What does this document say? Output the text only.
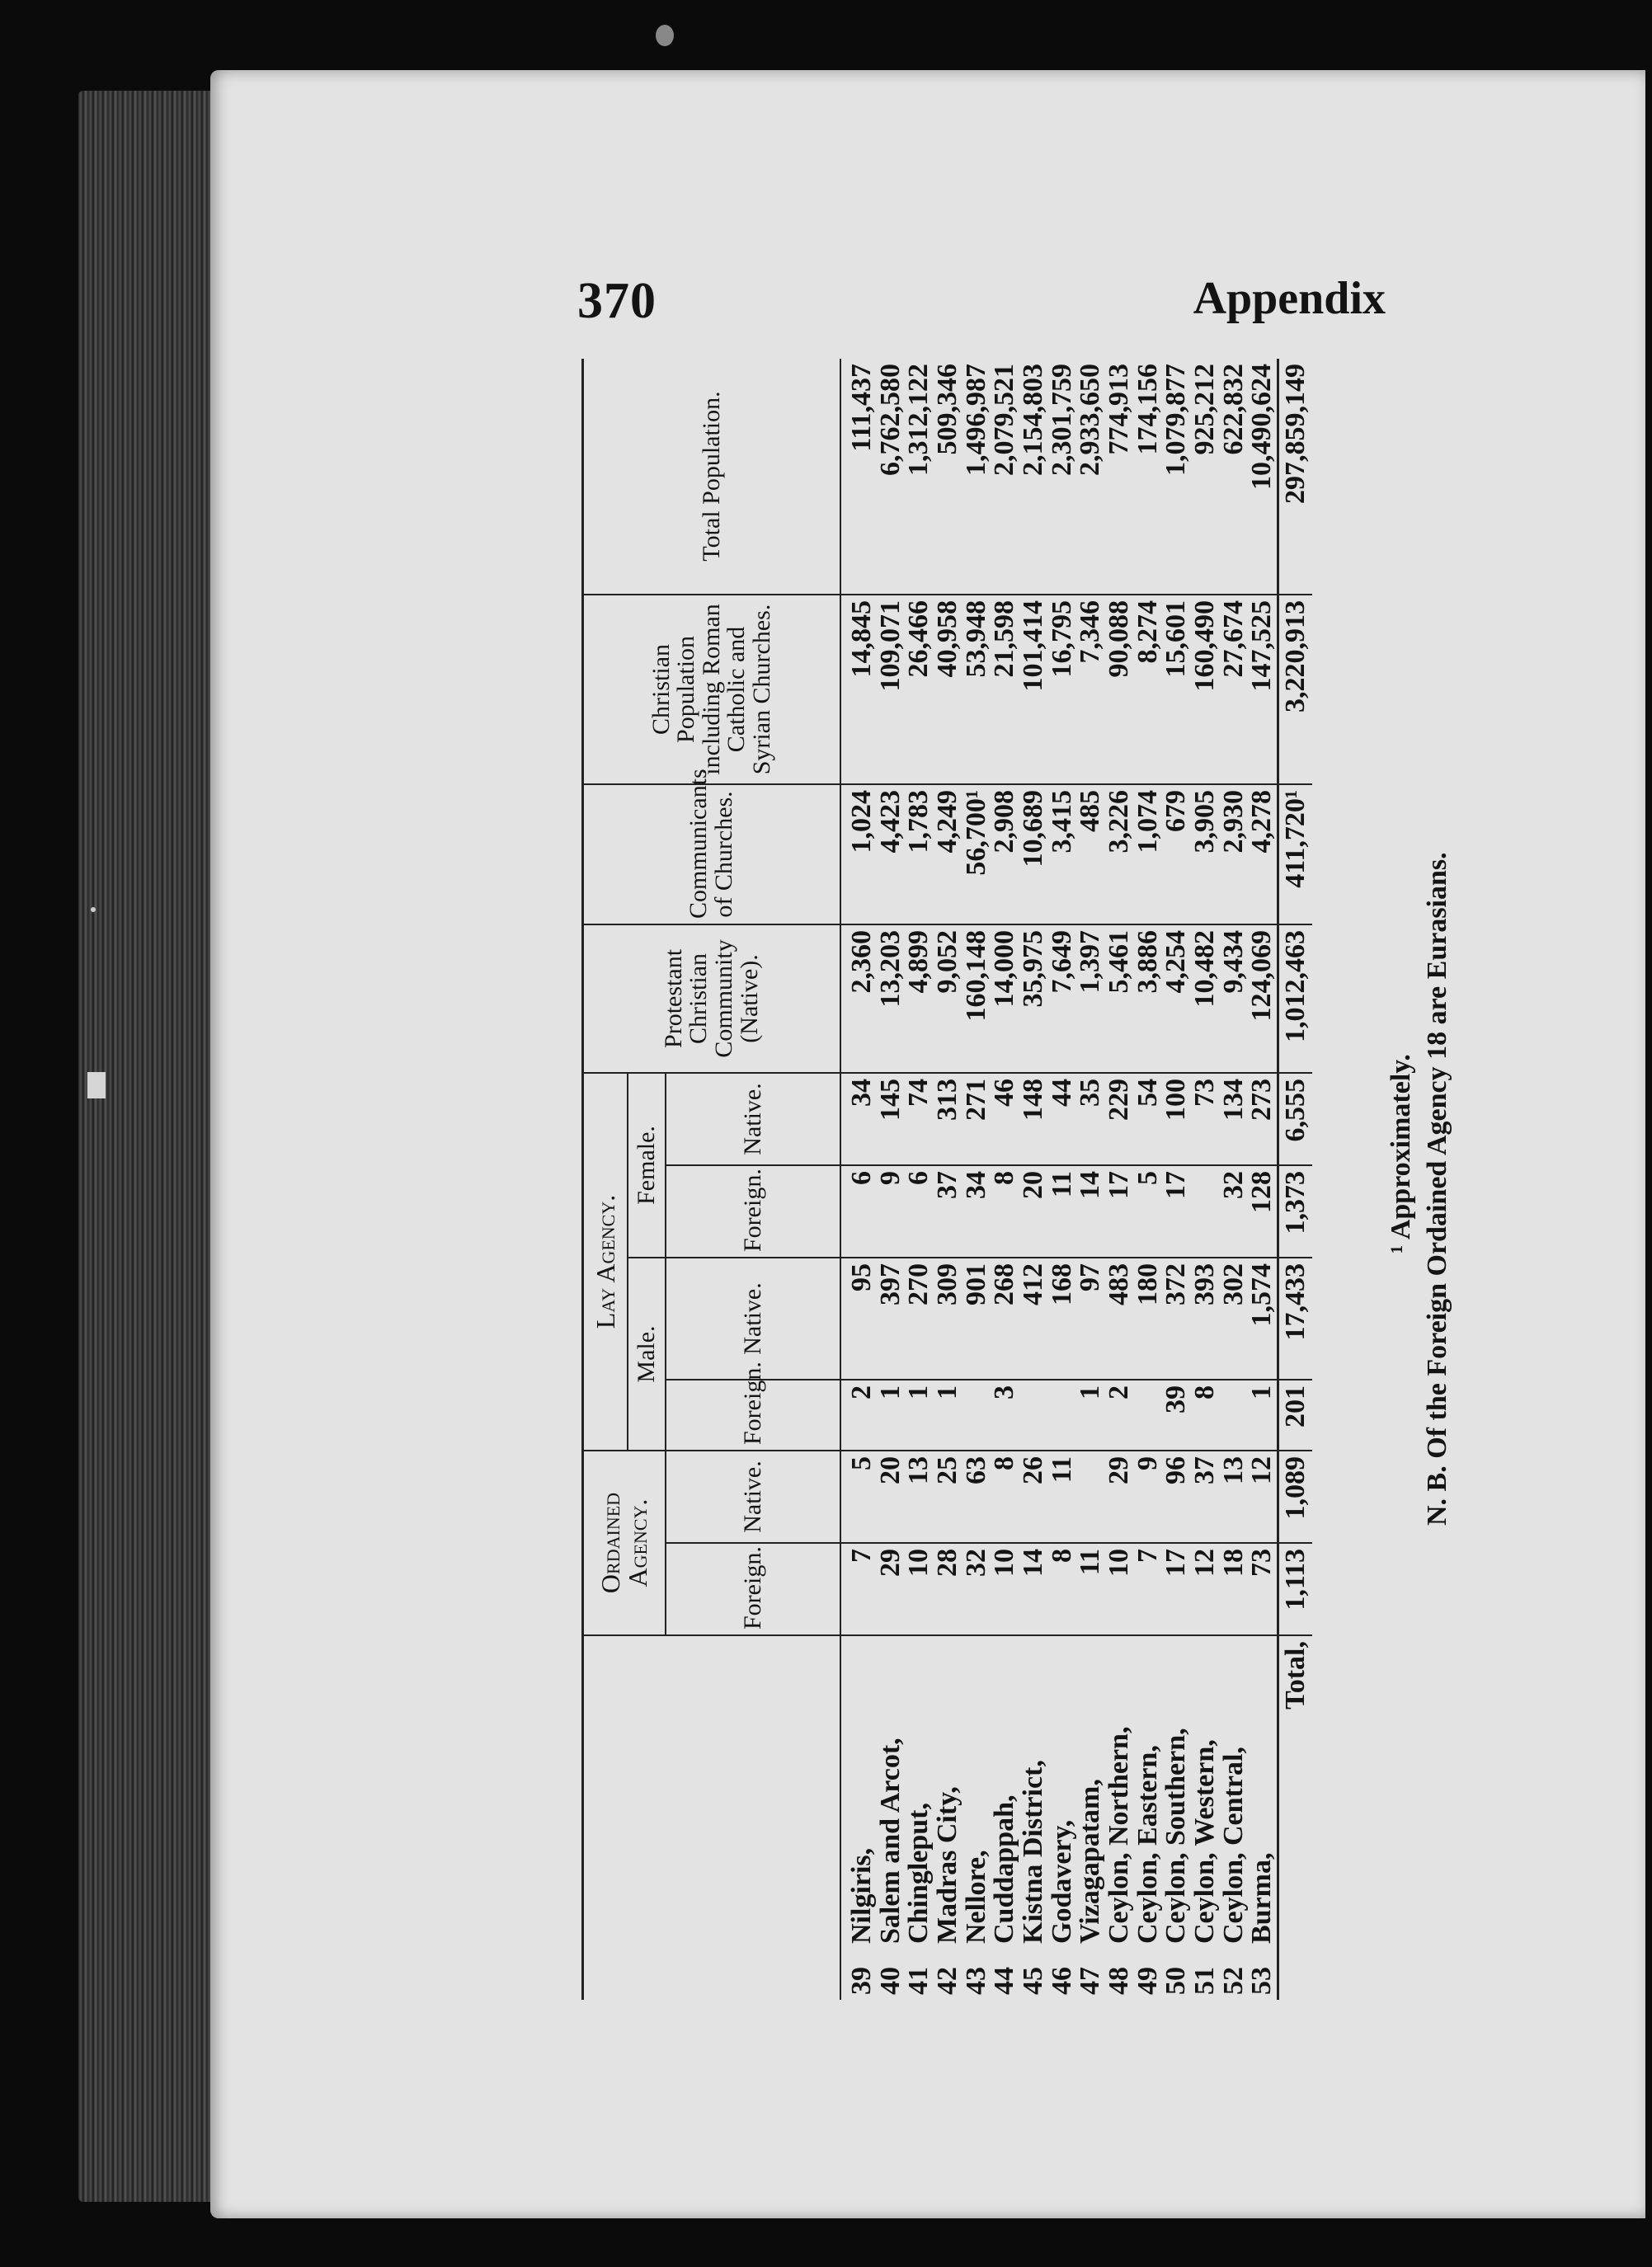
370	Appendix
		Ordained Agency.		Lay Agency.				Protestant Christian Community (Native).	Communicants of Churches.	Christian Population including Roman Catholic and Syrian Churches.	Total Population.
				Male.		Female.					
		Foreign.	Native.	Foreign.	Native.	Foreign.	Native.				
39	Nilgiris,	7	5	2	95	6	34	2,360	1,024	14,845	111,437
40	Salem and Arcot,	29	20	1	397	9	145	13,203	4,423	109,071	6,762,580
41	Chingleput,	10	13	1	270	6	74	4,899	1,783	26,466	1,312,122
42	Madras City,	28	25	1	309	37	313	9,052	4,249	40,958	509,346
43	Nellore,	32	63		901	34	271	160,148	56,700¹	53,948	1,496,987
44	Cuddappah,	10	8	3	268	8	46	14,000	2,908	21,598	2,079,521
45	Kistna District,	14	26		412	20	148	35,975	10,689	101,414	2,154,803
46	Godavery,	8	11		168	11	44	7,649	3,415	16,795	2,301,759
47	Vizagapatam,	11		1	97	14	35	1,397	485	7,346	2,933,650
48	Ceylon, Northern,	10	29	2	483	17	229	5,461	3,226	90,088	774,913
49	Ceylon, Eastern,	7	9		180	5	54	3,886	1,074	8,274	174,156
50	Ceylon, Southern,	17	96	39	372	17	100	4,254	679	15,601	1,079,877
51	Ceylon, Western,	12	37	8	393		73	10,482	3,905	160,490	925,212
52	Ceylon, Central,	18	13		302	32	134	9,434	2,930	27,674	622,832
53	Burma,	73	12	1	1,574	128	273	124,069	4,278	147,525	10,490,624
	Total,	1,113	1,089	201	17,433	1,373	6,555	1,012,463	411,720¹	3,220,913	297,859,149
¹ Approximately. N. B. Of the Foreign Ordained Agency 18 are Eurasians.
